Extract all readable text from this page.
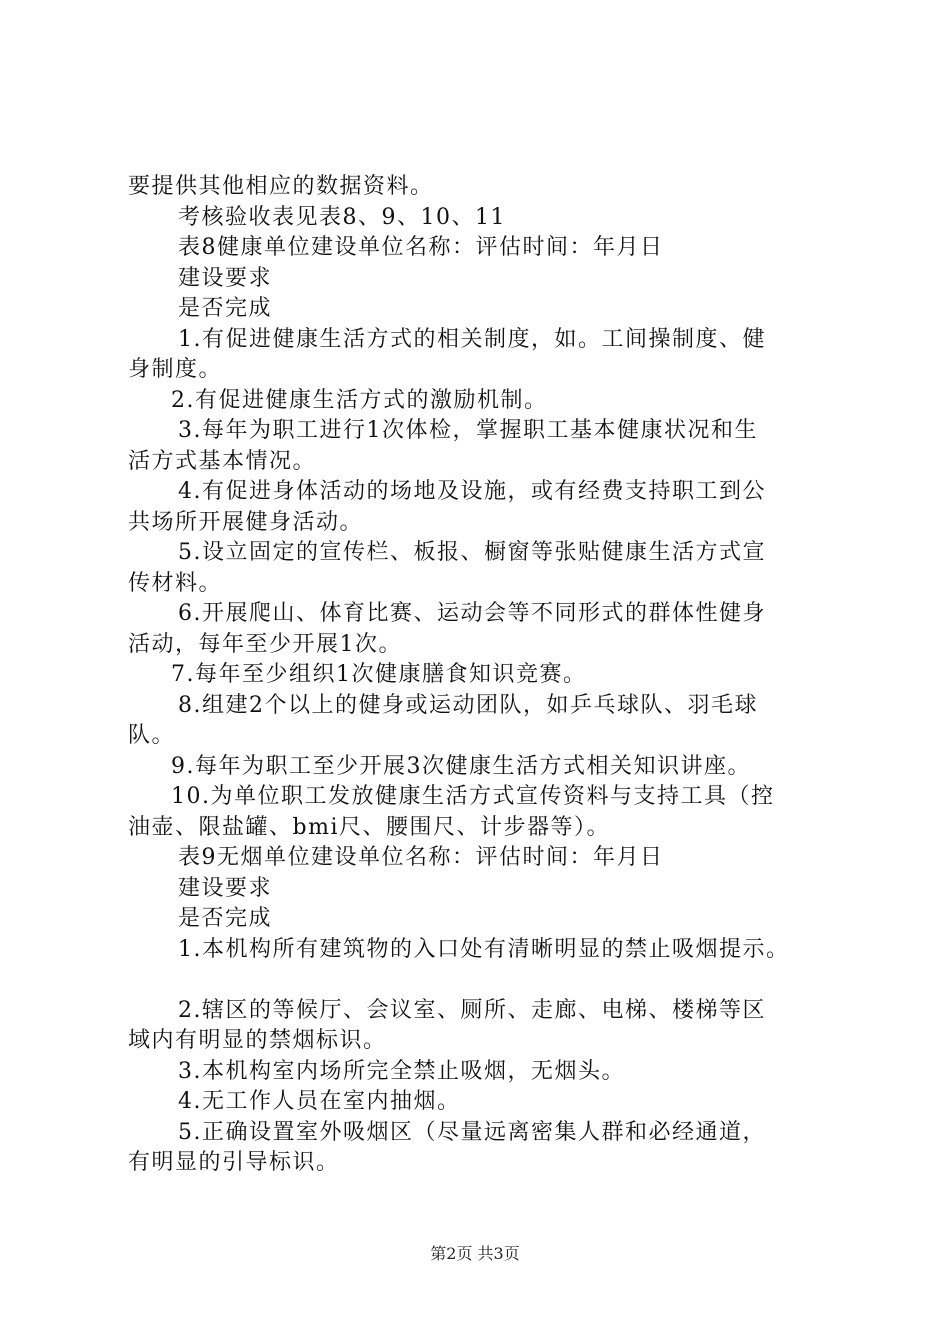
要提供其他相应的数据资料。
考核验收表见表8、9、10、11
表8健康单位建设单位名称：评估时间：年月日
建设要求
是否完成
1.有促进健康生活方式的相关制度，如。工间操制度、健
身制度。
2.有促进健康生活方式的激励机制。
3.每年为职工进行1次体检，掌握职工基本健康状况和生
活方式基本情况。
4.有促进身体活动的场地及设施，或有经费支持职工到公
共场所开展健身活动。
5.设立固定的宣传栏、板报、橱窗等张贴健康生活方式宣
传材料。
6.开展爬山、体育比赛、运动会等不同形式的群体性健身
活动，每年至少开展1次。
7.每年至少组织1次健康膳食知识竞赛。
8.组建2个以上的健身或运动团队，如乒乓球队、羽毛球
队。
9.每年为职工至少开展3次健康生活方式相关知识讲座。
10.为单位职工发放健康生活方式宣传资料与支持工具（控
油壶、限盐罐、bmi尺、腰围尺、计步器等）。
表9无烟单位建设单位名称：评估时间：年月日
建设要求
是否完成
1.本机构所有建筑物的入口处有清晰明显的禁止吸烟提示。
2.辖区的等候厅、会议室、厕所、走廊、电梯、楼梯等区
域内有明显的禁烟标识。
3.本机构室内场所完全禁止吸烟，无烟头。
4.无工作人员在室内抽烟。
5.正确设置室外吸烟区（尽量远离密集人群和必经通道，
有明显的引导标识。
第2页 共3页
